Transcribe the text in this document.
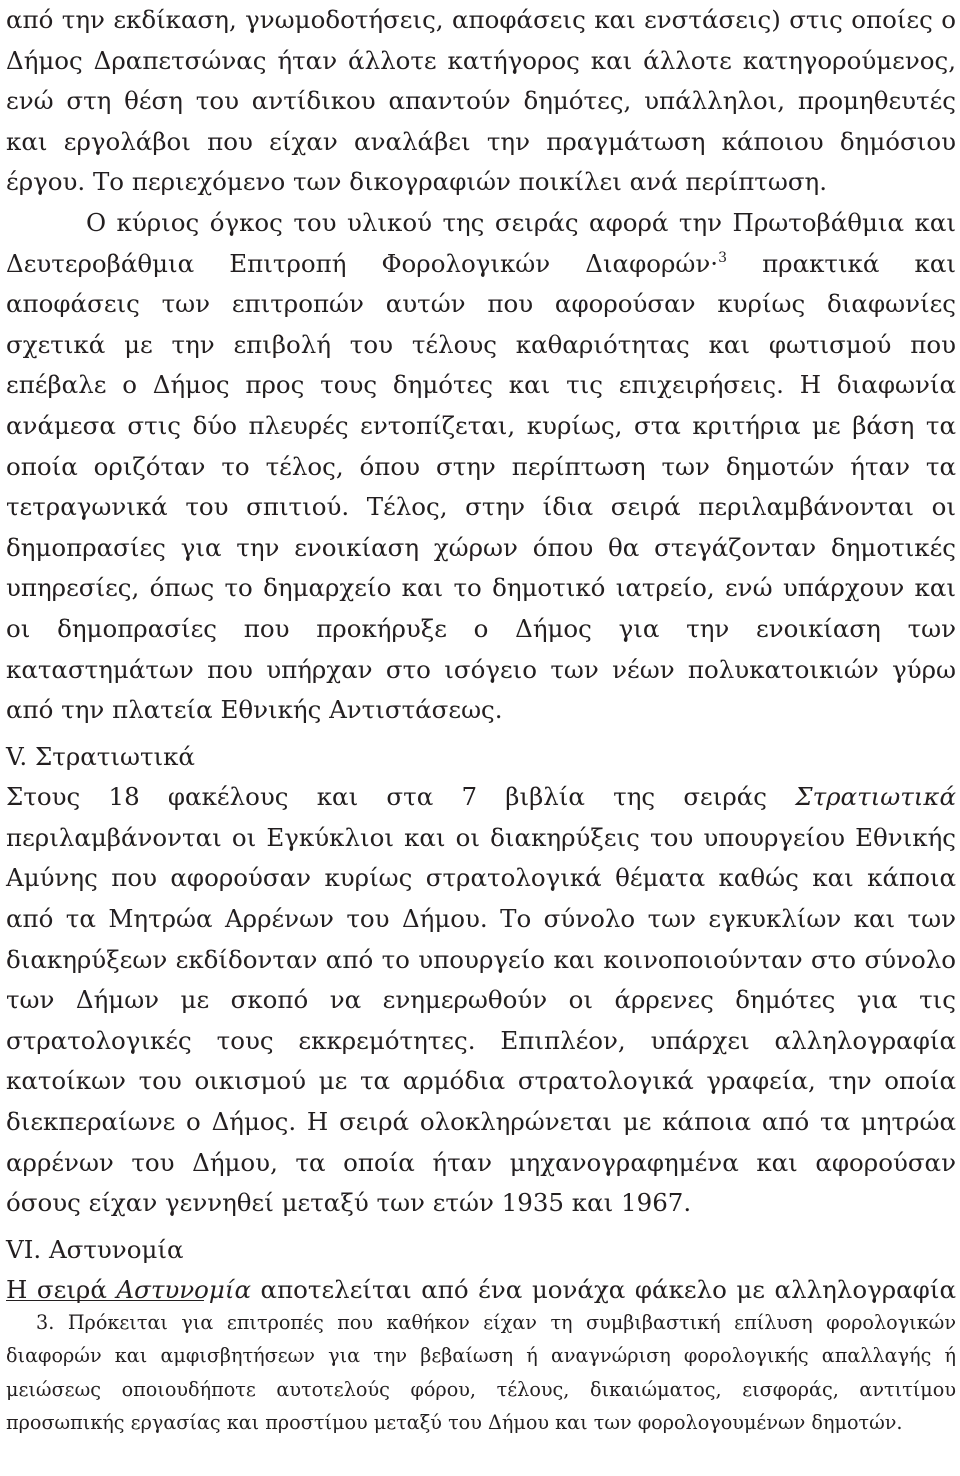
από την εκδίκαση, γνωμοδοτήσεις, αποφάσεις και ενστάσεις) στις οποίες ο Δήμος Δραπετσώνας ήταν άλλοτε κατήγορος και άλλοτε κατηγορούμενος, ενώ στη θέση του αντίδικου απαντούν δημότες, υπάλληλοι, προμηθευτές και εργολάβοι που είχαν αναλάβει την πραγμάτωση κάποιου δημόσιου έργου. Το περιεχόμενο των δικογραφιών ποικίλει ανά περίπτωση.

Ο κύριος όγκος του υλικού της σειράς αφορά την Πρωτοβάθμια και Δευτεροβάθμια Επιτροπή Φορολογικών Διαφορών·$^3$ πρακτικά και αποφάσεις των επιτροπών αυτών που αφορούσαν κυρίως διαφωνίες σχετικά με την επιβολή του τέλους καθαριότητας και φωτισμού που επέβαλε ο Δήμος προς τους δημότες και τις επιχειρήσεις. Η διαφωνία ανάμεσα στις δύο πλευρές εντοπίζεται, κυρίως, στα κριτήρια με βάση τα οποία οριζόταν το τέλος, όπου στην περίπτωση των δημοτών ήταν τα τετραγωνικά του σπιτιού. Τέλος, στην ίδια σειρά περιλαμβάνονται οι δημοπρασίες για την ενοικίαση χώρων όπου θα στεγάζονταν δημοτικές υπηρεσίες, όπως το δημαρχείο και το δημοτικό ιατρείο, ενώ υπάρχουν και οι δημοπρασίες που προκήρυξε ο Δήμος για την ενοικίαση των καταστημάτων που υπήρχαν στο ισόγειο των νέων πολυκατοικιών γύρω από την πλατεία Εθνικής Αντιστάσεως.

V. Στρατιωτικά

Στους 18 φακέλους και στα 7 βιβλία της σειράς Στρατιωτικά περιλαμβάνονται οι Εγκύκλιοι και οι διακηρύξεις του υπουργείου Εθνικής Αμύνης που αφορούσαν κυρίως στρατολογικά θέματα καθώς και κάποια από τα Μητρώα Αρρένων του Δήμου. Το σύνολο των εγκυκλίων και των διακηρύξεων εκδίδονταν από το υπουργείο και κοινοποιούνταν στο σύνολο των Δήμων με σκοπό να ενημερωθούν οι άρρενες δημότες για τις στρατολογικές τους εκκρεμότητες. Επιπλέον, υπάρχει αλληλογραφία κατοίκων του οικισμού με τα αρμόδια στρατολογικά γραφεία, την οποία διεκπεραίωνε ο Δήμος. Η σειρά ολοκληρώνεται με κάποια από τα μητρώα αρρένων του Δήμου, τα οποία ήταν μηχανογραφημένα και αφορούσαν όσους είχαν γεννηθεί μεταξύ των ετών 1935 και 1967.

VI. Αστυνομία

Η σειρά Αστυνομία αποτελείται από ένα μονάχα φάκελο με αλληλογραφία

3. Πρόκειται για επιτροπές που καθήκον είχαν τη συμβιβαστική επίλυση φορολογικών διαφορών και αμφισβητήσεων για την βεβαίωση ή αναγνώριση φορολογικής απαλλαγής ή μειώσεως οποιουδήποτε αυτοτελούς φόρου, τέλους, δικαιώματος, εισφοράς, αντιτίμου προσωπικής εργασίας και προστίμου μεταξύ του Δήμου και των φορολογουμένων δημοτών.
